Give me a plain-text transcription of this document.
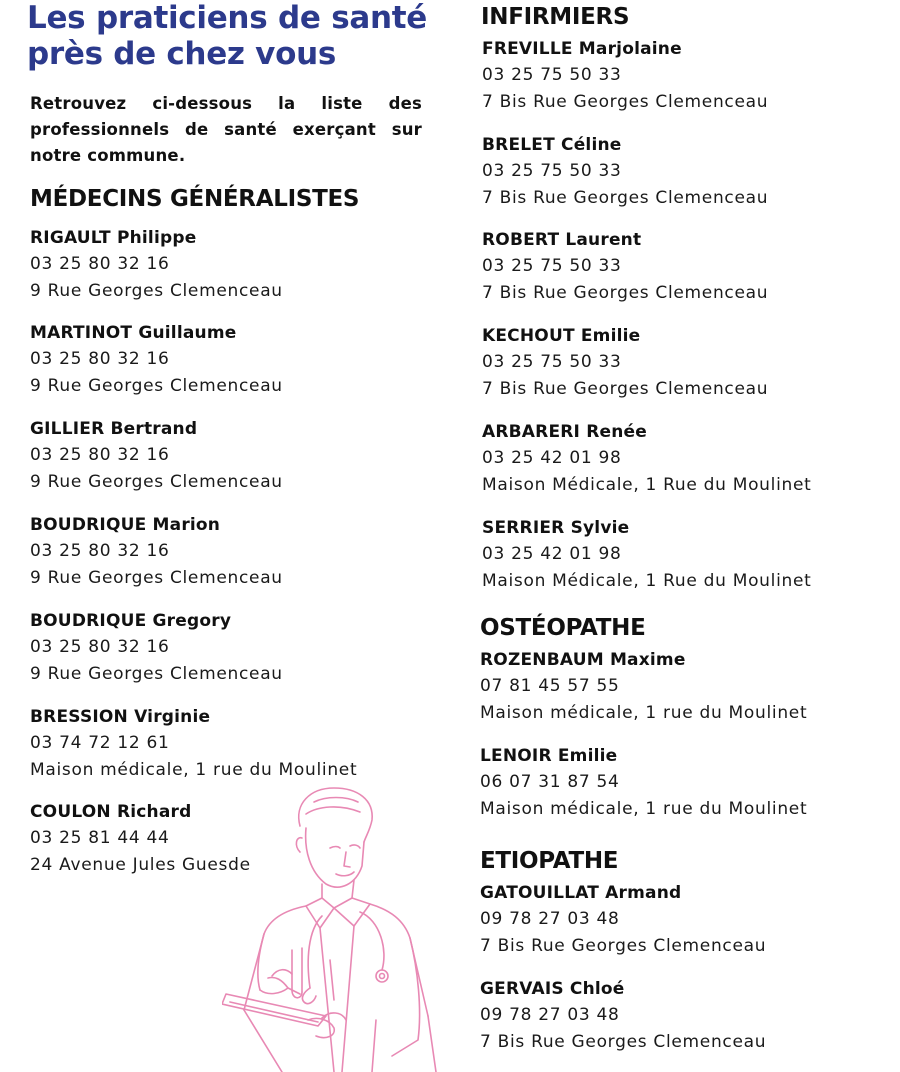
Les praticiens de santé
près de chez vous

Retrouvez ci-dessous la liste des professionnels de santé exerçant sur notre commune.

MÉDECINS GÉNÉRALISTES
RIGAULT Philippe
03 25 80 32 16
9 Rue Georges Clemenceau
MARTINOT Guillaume
03 25 80 32 16
9 Rue Georges Clemenceau
GILLIER Bertrand
03 25 80 32 16
9 Rue Georges Clemenceau
BOUDRIQUE Marion
03 25 80 32 16
9 Rue Georges Clemenceau
BOUDRIQUE Gregory
03 25 80 32 16
9 Rue Georges Clemenceau
BRESSION Virginie
03 74 72 12 61
Maison médicale, 1 rue du Moulinet
COULON Richard
03 25 81 44 44
24 Avenue Jules Guesde
INFIRMIERS
FREVILLE Marjolaine
03 25 75 50 33
7 Bis Rue Georges Clemenceau
BRELET Céline
03 25 75 50 33
7 Bis Rue Georges Clemenceau
ROBERT Laurent
03 25 75 50 33
7 Bis Rue Georges Clemenceau
KECHOUT Emilie
03 25 75 50 33
7 Bis Rue Georges Clemenceau
ARBARERI Renée
03 25 42 01 98
Maison Médicale, 1 Rue du Moulinet
SERRIER Sylvie
03 25 42 01 98
Maison Médicale, 1 Rue du Moulinet
OSTÉOPATHE
ROZENBAUM Maxime
07 81 45 57 55
Maison médicale, 1 rue du Moulinet
LENOIR Emilie
06 07 31 87 54
Maison médicale, 1 rue du Moulinet
ETIOPATHE
GATOUILLAT Armand
09 78 27 03 48
7 Bis Rue Georges Clemenceau
GERVAIS Chloé
09 78 27 03 48
7 Bis Rue Georges Clemenceau
